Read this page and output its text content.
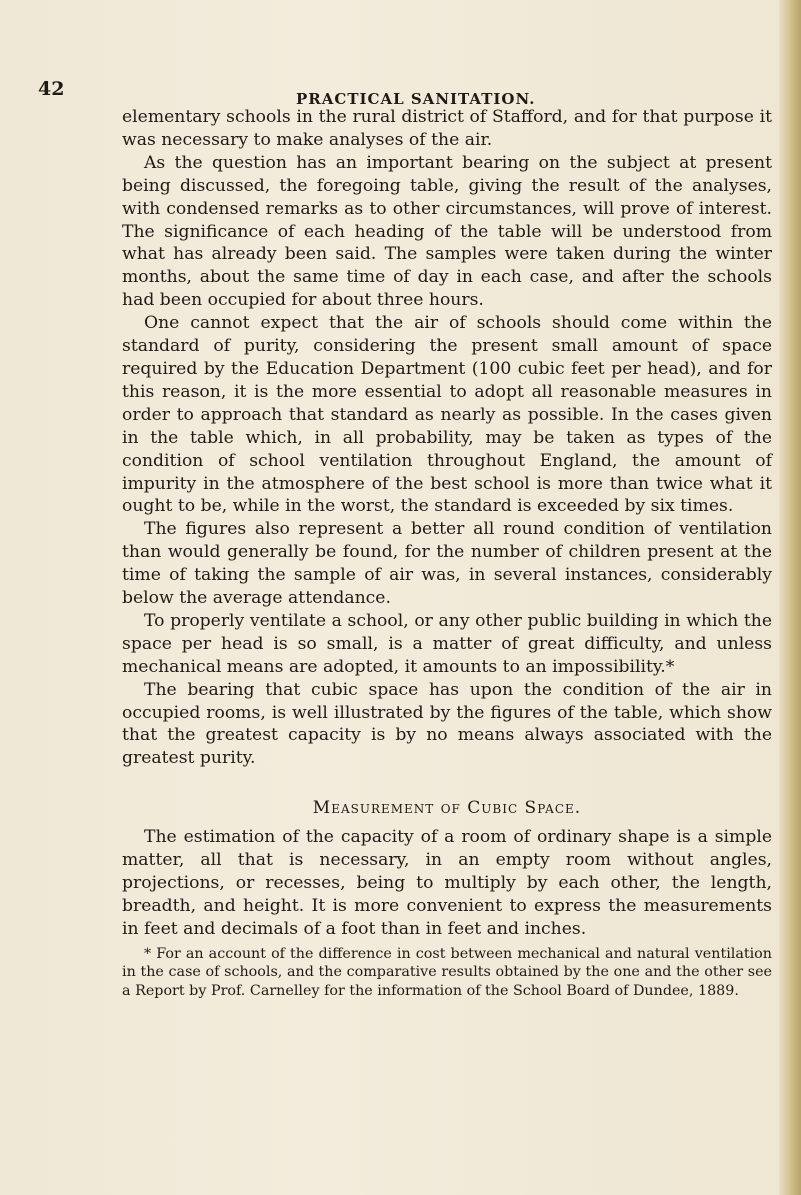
42	PRACTICAL SANITATION.

elementary schools in the rural district of Stafford, and for that purpose it was necessary to make analyses of the air.

As the question has an important bearing on the subject at present being discussed, the foregoing table, giving the result of the analyses, with condensed remarks as to other circumstances, will prove of interest. The significance of each heading of the table will be understood from what has already been said. The samples were taken during the winter months, about the same time of day in each case, and after the schools had been occupied for about three hours.

One cannot expect that the air of schools should come within the standard of purity, considering the present small amount of space required by the Education Department (100 cubic feet per head), and for this reason, it is the more essential to adopt all reasonable measures in order to approach that standard as nearly as possible. In the cases given in the table which, in all probability, may be taken as types of the condition of school ventilation throughout England, the amount of impurity in the atmosphere of the best school is more than twice what it ought to be, while in the worst, the standard is exceeded by six times.

The figures also represent a better all round condition of ventilation than would generally be found, for the number of children present at the time of taking the sample of air was, in several instances, considerably below the average attendance.

To properly ventilate a school, or any other public building in which the space per head is so small, is a matter of great difficulty, and unless mechanical means are adopted, it amounts to an impossibility.*

The bearing that cubic space has upon the condition of the air in occupied rooms, is well illustrated by the figures of the table, which show that the greatest capacity is by no means always associated with the greatest purity.

Measurement of Cubic Space.

The estimation of the capacity of a room of ordinary shape is a simple matter, all that is necessary, in an empty room without angles, projections, or recesses, being to multiply by each other, the length, breadth, and height. It is more convenient to express the measurements in feet and decimals of a foot than in feet and inches.

* For an account of the difference in cost between mechanical and natural ventilation in the case of schools, and the comparative results obtained by the one and the other see a Report by Prof. Carnelley for the information of the School Board of Dundee, 1889.
